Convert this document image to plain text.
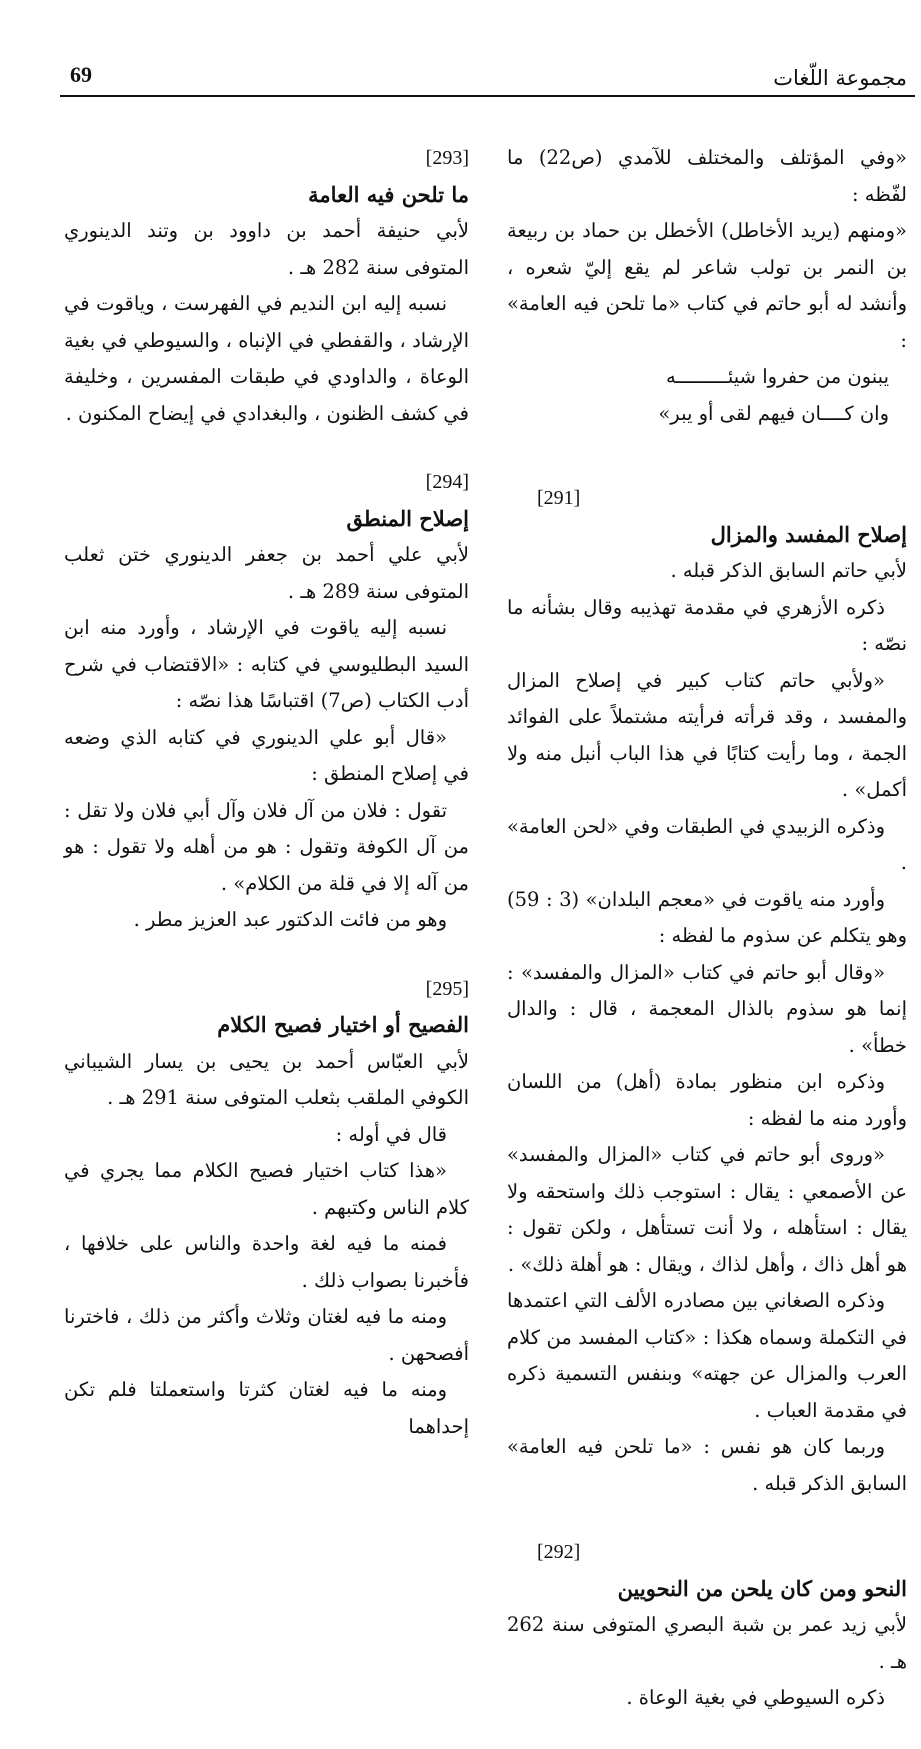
69	مجموعة اللّغات

«وفي المؤتلف والمختلف للآمدي (ص22) ما لفّظه :

«ومنهم (يريد الأخاطل) الأخطل بن حماد بن ربيعة بن النمر بن تولب شاعر لم يقع إليّ شعره ، وأنشد له أبو حاتم في كتاب «ما تلحن فيه العامة» :

يبنون من حفروا شيئـــــــــه
وان كــــان فيهم لقى أو يبر»
[291]
إصلاح المفسد والمزال

لأبي حاتم السابق الذكر قبله .

ذكره الأزهري في مقدمة تهذيبه وقال بشأنه ما نصّه :

«ولأبي حاتم كتاب كبير في إصلاح المزال والمفسد ، وقد قرأته فرأيته مشتملاً على الفوائد الجمة ، وما رأيت كتابًا في هذا الباب أنبل منه ولا أكمل» .

وذكره الزبيدي في الطبقات وفي «لحن العامة» .

وأورد منه ياقوت في «معجم البلدان» (3 : 59) وهو يتكلم عن سذوم ما لفظه :

«وقال أبو حاتم في كتاب «المزال والمفسد» : إنما هو سذوم بالذال المعجمة ، قال : والدال خطأ» .

وذكره ابن منظور بمادة (أهل) من اللسان وأورد منه ما لفظه :

«وروى أبو حاتم في كتاب «المزال والمفسد» عن الأصمعي : يقال : استوجب ذلك واستحقه ولا يقال : استأهله ، ولا أنت تستأهل ، ولكن تقول : هو أهل ذاك ، وأهل لذاك ، ويقال : هو أهلة ذلك» .

وذكره الصغاني بين مصادره الألف التي اعتمدها في التكملة وسماه هكذا : «كتاب المفسد من كلام العرب والمزال عن جهته» وبنفس التسمية ذكره في مقدمة العباب .

وربما كان هو نفس : «ما تلحن فيه العامة» السابق الذكر قبله .

[292]
النحو ومن كان يلحن من النحويين

لأبي زيد عمر بن شبة البصري المتوفى سنة 262 هـ .

ذكره السيوطي في بغية الوعاة .

[293]
ما تلحن فيه العامة

لأبي حنيفة أحمد بن داوود بن وتند الدينوري المتوفى سنة 282 هـ .

نسبه إليه ابن النديم في الفهرست ، وياقوت في الإرشاد ، والقفطي في الإنباه ، والسيوطي في بغية الوعاة ، والداودي في طبقات المفسرين ، وخليفة في كشف الظنون ، والبغدادي في إيضاح المكنون .

[294]
إصلاح المنطق

لأبي علي أحمد بن جعفر الدينوري ختن ثعلب المتوفى سنة 289 هـ .

نسبه إليه ياقوت في الإرشاد ، وأورد منه ابن السيد البطليوسي في كتابه : «الاقتضاب في شرح أدب الكتاب (ص7) اقتباسًا هذا نصّه :

«قال أبو علي الدينوري في كتابه الذي وضعه في إصلاح المنطق :

تقول : فلان من آل فلان وآل أبي فلان ولا تقل : من آل الكوفة وتقول : هو من أهله ولا تقول : هو من آله إلا في قلة من الكلام» .

وهو من فائت الدكتور عبد العزيز مطر .

[295]
الفصيح أو اختيار فصيح الكلام

لأبي العبّاس أحمد بن يحيى بن يسار الشيباني الكوفي الملقب بثعلب المتوفى سنة 291 هـ .

قال في أوله :

«هذا كتاب اختيار فصيح الكلام مما يجري في كلام الناس وكتبهم .

فمنه ما فيه لغة واحدة والناس على خلافها ، فأخبرنا بصواب ذلك .

ومنه ما فيه لغتان وثلاث وأكثر من ذلك ، فاخترنا أفصحهن .

ومنه ما فيه لغتان كثرتا واستعملتا فلم تكن إحداهما
